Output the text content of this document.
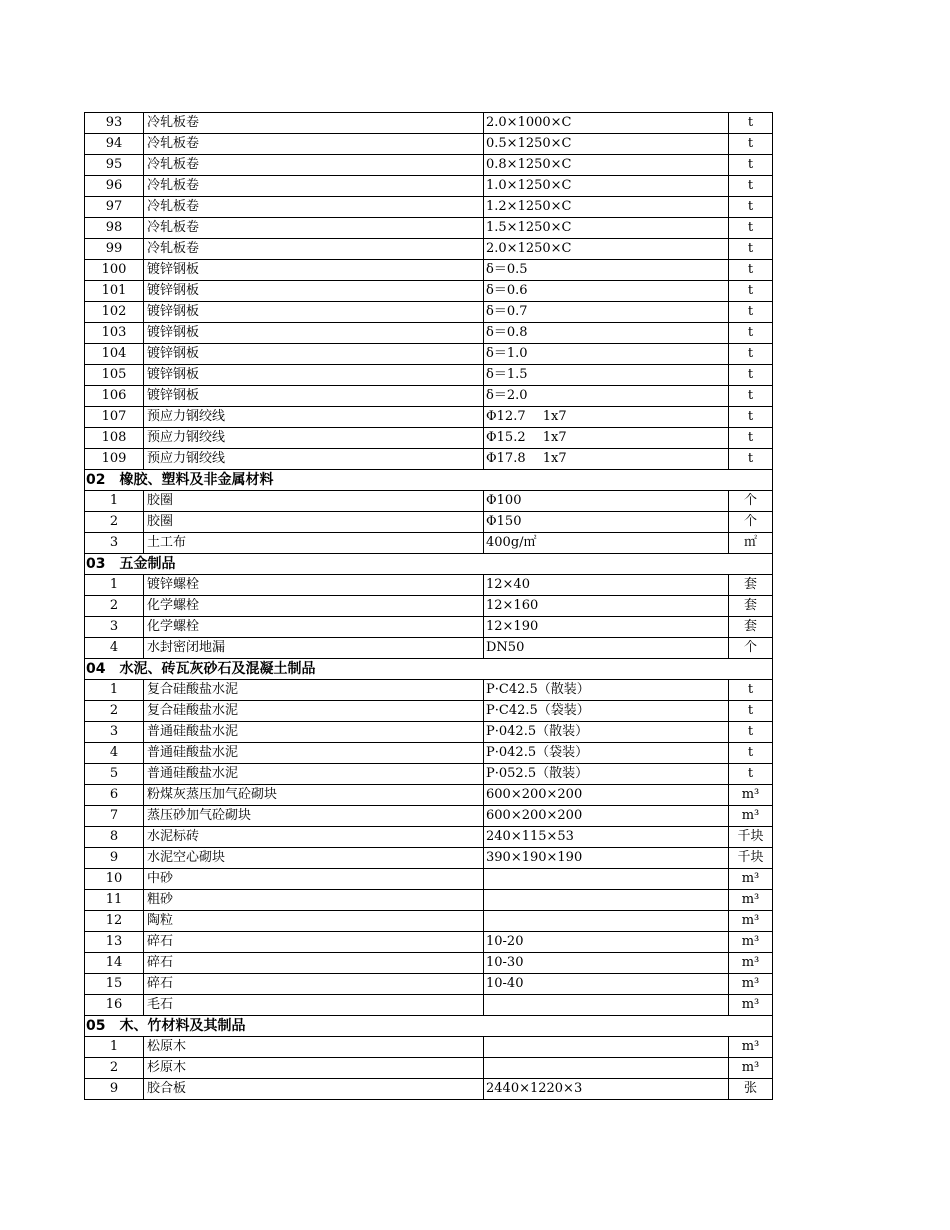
93	冷轧板卷	2.0×1000×C	t
94	冷轧板卷	0.5×1250×C	t
95	冷轧板卷	0.8×1250×C	t
96	冷轧板卷	1.0×1250×C	t
97	冷轧板卷	1.2×1250×C	t
98	冷轧板卷	1.5×1250×C	t
99	冷轧板卷	2.0×1250×C	t
100	镀锌钢板	δ＝0.5	t
101	镀锌钢板	δ＝0.6	t
102	镀锌钢板	δ＝0.7	t
103	镀锌钢板	δ＝0.8	t
104	镀锌钢板	δ＝1.0	t
105	镀锌钢板	δ＝1.5	t
106	镀锌钢板	δ＝2.0	t
107	预应力钢绞线	Φ12.7　 1x7	t
108	预应力钢绞线	Φ15.2　 1x7	t
109	预应力钢绞线	Φ17.8　 1x7	t
02　橡胶、塑料及非金属材料			
1	胶圈	Φ100	个
2	胶圈	Φ150	个
3	土工布	400g/㎡	㎡
03　五金制品			
1	镀锌螺栓	12×40	套
2	化学螺栓	12×160	套
3	化学螺栓	12×190	套
4	水封密闭地漏	DN50	个
04　水泥、砖瓦灰砂石及混凝土制品			
1	复合硅酸盐水泥	P·C42.5（散装）	t
2	复合硅酸盐水泥	P·C42.5（袋装）	t
3	普通硅酸盐水泥	P·042.5（散装）	t
4	普通硅酸盐水泥	P·042.5（袋装）	t
5	普通硅酸盐水泥	P·052.5（散装）	t
6	粉煤灰蒸压加气砼砌块	600×200×200	m³
7	蒸压砂加气砼砌块	600×200×200	m³
8	水泥标砖	240×115×53	千块
9	水泥空心砌块	390×190×190	千块
10	中砂		m³
11	粗砂		m³
12	陶粒		m³
13	碎石	10-20	m³
14	碎石	10-30	m³
15	碎石	10-40	m³
16	毛石		m³
05　木、竹材料及其制品			
1	松原木		m³
2	杉原木		m³
9	胶合板	2440×1220×3	张
